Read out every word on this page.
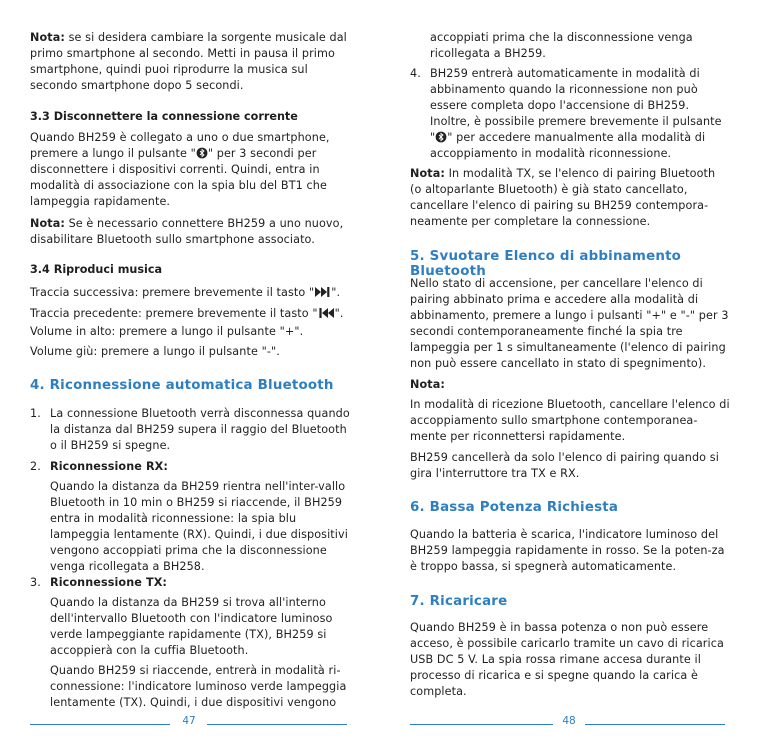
Nota: se si desidera cambiare la sorgente musicale dal primo smartphone al secondo. Metti in pausa il primo smartphone, quindi puoi riprodurre la musica sul secondo smartphone dopo 5 secondi.
3.3 Disconnettere la connessione corrente
Quando BH259 è collegato a uno o due smartphone, premere a lungo il pulsante " " per 3 secondi per disconnettere i dispositivi correnti. Quindi, entra in modalità di associazione con la spia blu del BT1 che lampeggia rapidamente.
Nota: Se è necessario connettere BH259 a uno nuovo, disabilitare Bluetooth sullo smartphone associato.
3.4 Riproduci musica
Traccia successiva: premere brevemente il tasto " ".
Traccia precedente: premere brevemente il tasto " ".
Volume in alto: premere a lungo il pulsante "+".
Volume giù: premere a lungo il pulsante "-".
4. Riconnessione automatica Bluetooth
1. La connessione Bluetooth verrà disconnessa quando la distanza dal BH259 supera il raggio del Bluetooth o il BH259 si spegne.
2. Riconnessione RX:
Quando la distanza da BH259 rientra nell'inter-vallo Bluetooth in 10 min o BH259 si riaccende, il BH259 entra in modalità riconnessione: la spia blu lampeggia lentamente (RX). Quindi, i due dispositivi vengono accoppiati prima che la disconnessione venga ricollegata a BH258.
3. Riconnessione TX:
Quando la distanza da BH259 si trova all'interno dell'intervallo Bluetooth con l'indicatore luminoso verde lampeggiante rapidamente (TX), BH259 si accoppierà con la cuffia Bluetooth.
Quando BH259 si riaccende, entrerà in modalità ri-connessione: l'indicatore luminoso verde lampeggia lentamente (TX). Quindi, i due dispositivi vengono
47
accoppiati prima che la disconnessione venga ricollegata a BH259.
4. BH259 entrerà automaticamente in modalità di abbinamento quando la riconnessione non può essere completa dopo l'accensione di BH259. Inoltre, è possibile premere brevemente il pulsante " " per accedere manualmente alla modalità di accoppiamento in modalità riconnessione.
Nota: In modalità TX, se l'elenco di pairing Bluetooth (o altoparlante Bluetooth) è già stato cancellato, cancellare l'elenco di pairing su BH259 contempora-neamente per completare la connessione.
5. Svuotare Elenco di abbinamento Bluetooth
Nello stato di accensione, per cancellare l'elenco di pairing abbinato prima e accedere alla modalità di abbinamento, premere a lungo i pulsanti "+" e "-" per 3 secondi contemporaneamente finché la spia tre lampeggia per 1 s simultaneamente (l'elenco di pairing non può essere cancellato in stato di spegnimento).
Nota:
In modalità di ricezione Bluetooth, cancellare l'elenco di accoppiamento sullo smartphone contemporanea-mente per riconnettersi rapidamente.
BH259 cancellerà da solo l'elenco di pairing quando si gira l'interruttore tra TX e RX.
6. Bassa Potenza Richiesta
Quando la batteria è scarica, l'indicatore luminoso del BH259 lampeggia rapidamente in rosso. Se la poten-za è troppo bassa, si spegnerà automaticamente.
7. Ricaricare
Quando BH259 è in bassa potenza o non può essere acceso, è possibile caricarlo tramite un cavo di ricarica USB DC 5 V. La spia rossa rimane accesa durante il processo di ricarica e si spegne quando la carica è completa.
48
